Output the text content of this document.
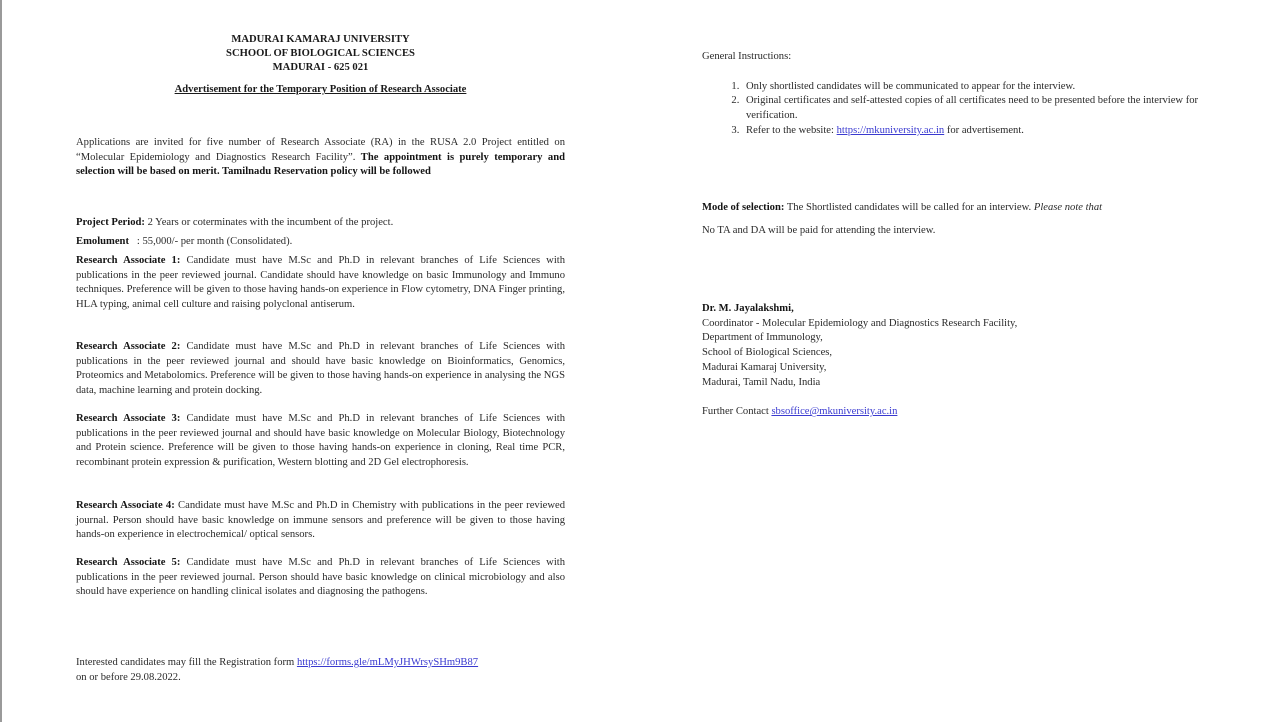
MADURAI KAMARAJ UNIVERSITY
SCHOOL OF BIOLOGICAL SCIENCES
MADURAI - 625 021
Advertisement for the Temporary Position of Research Associate

Applications are invited for five number of Research Associate (RA) in the RUSA 2.0 Project entitled on “Molecular Epidemiology and Diagnostics Research Facility”. The appointment is purely temporary and selection will be based on merit. Tamilnadu Reservation policy will be followed

Project Period: 2 Years or coterminates with the incumbent of the project.

Emolument   : 55,000/- per month (Consolidated).

Research Associate 1: Candidate must have M.Sc and Ph.D in relevant branches of Life Sciences with publications in the peer reviewed journal. Candidate should have knowledge on basic Immunology and Immuno techniques. Preference will be given to those having hands-on experience in Flow cytometry, DNA Finger printing, HLA typing, animal cell culture and raising polyclonal antiserum.

Research Associate 2: Candidate must have M.Sc and Ph.D in relevant branches of Life Sciences with publications in the peer reviewed journal and should have basic knowledge on Bioinformatics, Genomics, Proteomics and Metabolomics. Preference will be given to those having hands-on experience in analysing the NGS data, machine learning and protein docking.

Research Associate 3: Candidate must have M.Sc and Ph.D in relevant branches of Life Sciences with publications in the peer reviewed journal and should have basic knowledge on Molecular Biology, Biotechnology and Protein science. Preference will be given to those having hands-on experience in cloning, Real time PCR, recombinant protein expression & purification, Western blotting and 2D Gel electrophoresis.

Research Associate 4: Candidate must have M.Sc and Ph.D in Chemistry with publications in the peer reviewed journal. Person should have basic knowledge on immune sensors and preference will be given to those having hands-on experience in electrochemical/ optical sensors.

Research Associate 5: Candidate must have M.Sc and Ph.D in relevant branches of Life Sciences with publications in the peer reviewed journal. Person should have basic knowledge on clinical microbiology and also should have experience on handling clinical isolates and diagnosing the pathogens.

Interested candidates may fill the Registration form https://forms.gle/mLMyJHWrsySHm9B87
on or before 29.08.2022.

General Instructions:

1. Only shortlisted candidates will be communicated to appear for the interview.
2. Original certificates and self-attested copies of all certificates need to be presented before the interview for verification.
3. Refer to the website: https://mkuniversity.ac.in for advertisement.

Mode of selection: The Shortlisted candidates will be called for an interview. Please note that

No TA and DA will be paid for attending the interview.

Dr. M. Jayalakshmi,

Coordinator - Molecular Epidemiology and Diagnostics Research Facility,

Department of Immunology,

School of Biological Sciences,

Madurai Kamaraj University,

Madurai, Tamil Nadu, India

Further Contact sbsoffice@mkuniversity.ac.in
